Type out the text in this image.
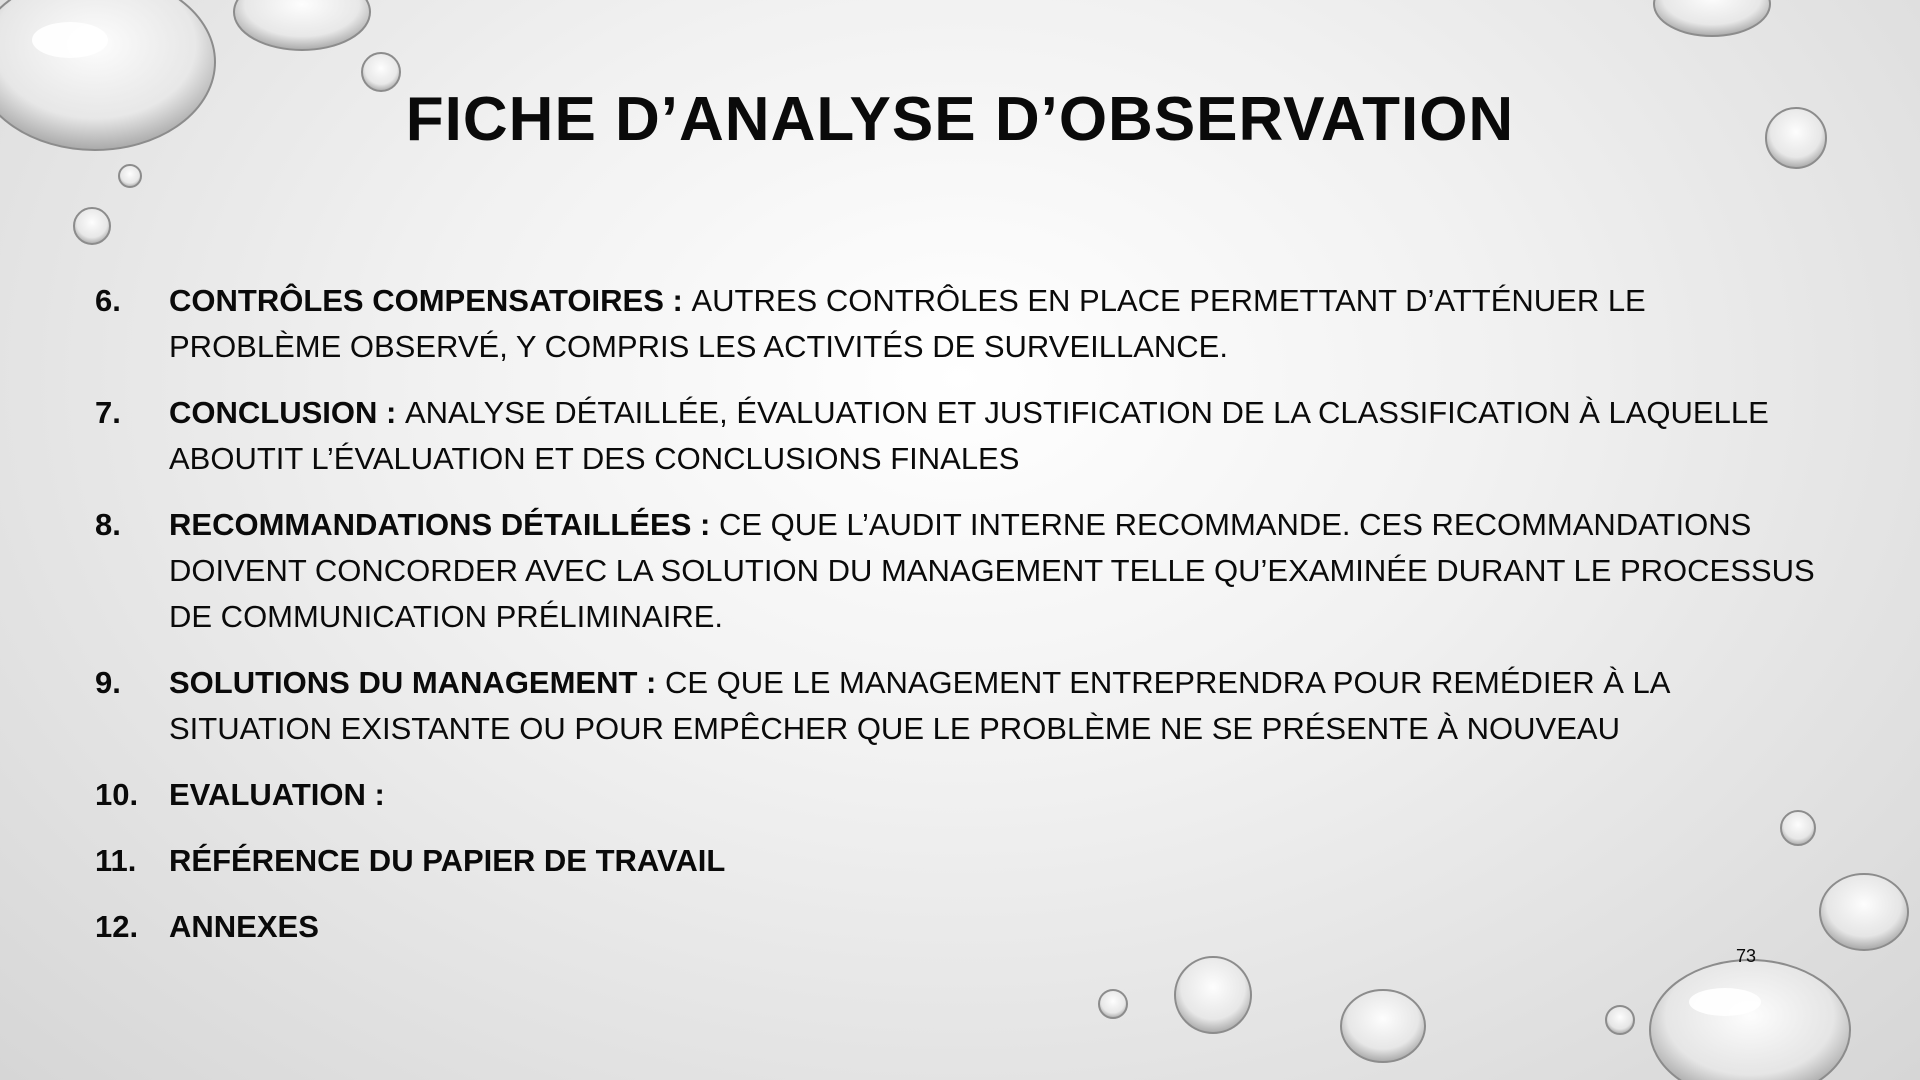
FICHE D’ANALYSE D’OBSERVATION
6.	CONTRÔLES COMPENSATOIRES : AUTRES CONTRÔLES EN PLACE PERMETTANT D’ATTÉNUER LE PROBLÈME OBSERVÉ, Y COMPRIS LES ACTIVITÉS DE SURVEILLANCE.
7.	CONCLUSION : ANALYSE DÉTAILLÉE, ÉVALUATION ET JUSTIFICATION DE LA CLASSIFICATION À LAQUELLE ABOUTIT L’ÉVALUATION ET DES CONCLUSIONS FINALES
8.	RECOMMANDATIONS DÉTAILLÉES : CE QUE L’AUDIT INTERNE RECOMMANDE. CES RECOMMANDATIONS DOIVENT CONCORDER AVEC LA SOLUTION DU MANAGEMENT TELLE QU’EXAMINÉE DURANT LE PROCESSUS DE COMMUNICATION PRÉLIMINAIRE.
9.	SOLUTIONS DU MANAGEMENT : CE QUE LE MANAGEMENT ENTREPRENDRA POUR REMÉDIER À LA SITUATION EXISTANTE OU POUR EMPÊCHER QUE LE PROBLÈME NE SE PRÉSENTE À NOUVEAU
10. EVALUATION :
11.	RÉFÉRENCE DU PAPIER DE TRAVAIL
12. ANNEXES
73
